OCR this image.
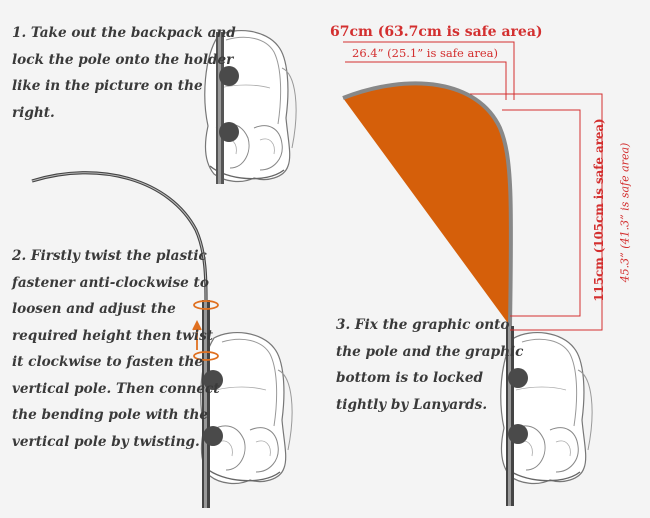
1. Take out the backpack and
lock the pole onto the holder
like in the picture on the
right.
2. Firstly twist the plastic
fastener anti-clockwise to
loosen and adjust the
required height then twist
it clockwise to fasten the
vertical pole. Then connect
the bending pole with the
vertical pole by twisting.
3. Fix the graphic onto
the pole and the graphic
bottom is to locked
tightly by Lanyards.
67cm (63.7cm is safe area)
26.4” (25.1” is safe area)
115cm (105cm is safe area) 45.3” (41.3” is safe area)
